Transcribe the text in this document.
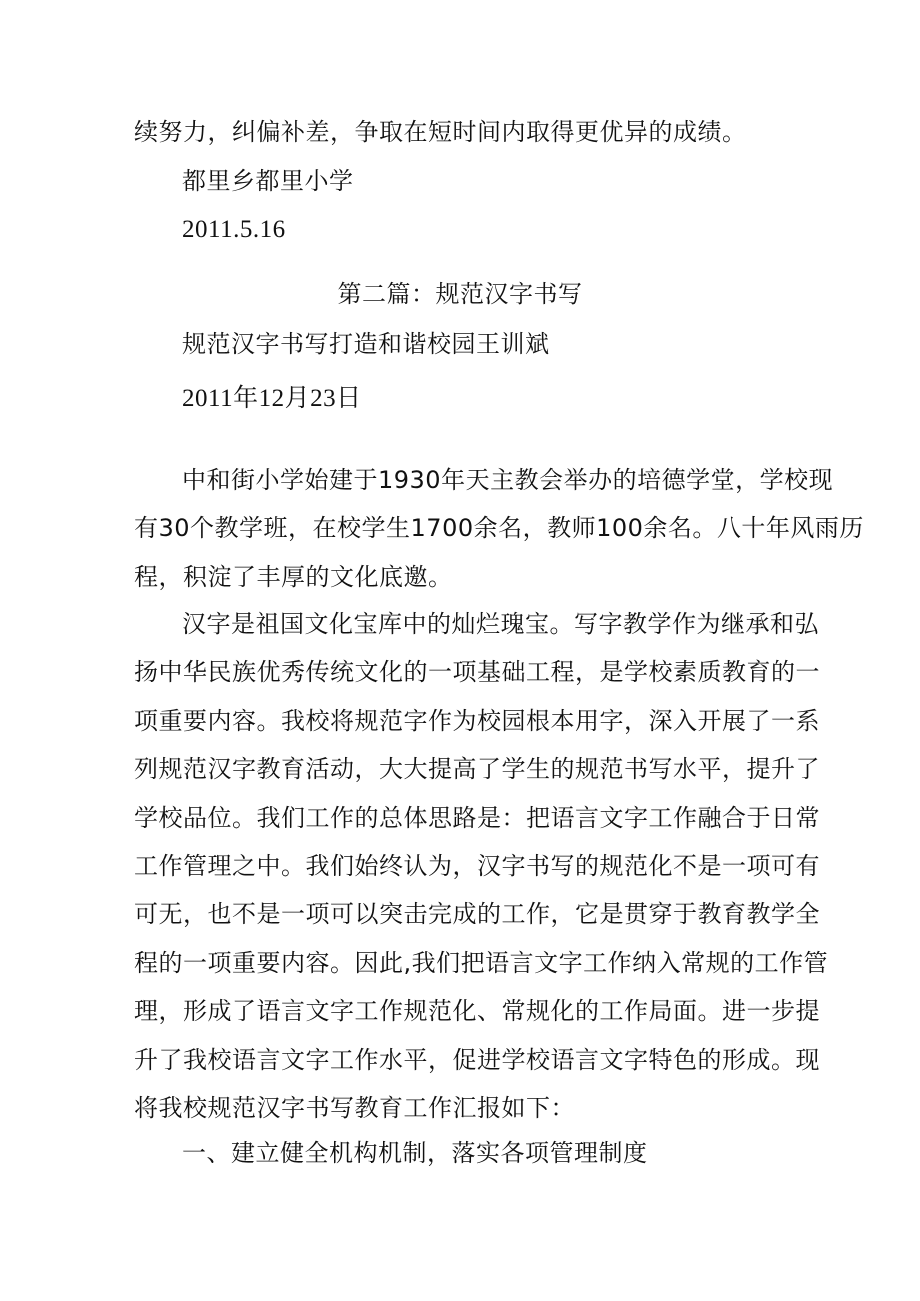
续努力，纠偏补差，争取在短时间内取得更优异的成绩。
都里乡都里小学
2011.5.16
第二篇：规范汉字书写
规范汉字书写打造和谐校园王训斌
2011年12月23日
中和街小学始建于1930年天主教会举办的培德学堂，学校现
有30个教学班，在校学生1700余名，教师100余名。八十年风雨历
程，积淀了丰厚的文化底邀。
汉字是祖国文化宝库中的灿烂瑰宝。写字教学作为继承和弘
扬中华民族优秀传统文化的一项基础工程，是学校素质教育的一
项重要内容。我校将规范字作为校园根本用字，深入开展了一系
列规范汉字教育活动，大大提高了学生的规范书写水平，提升了
学校品位。我们工作的总体思路是：把语言文字工作融合于日常
工作管理之中。我们始终认为，汉字书写的规范化不是一项可有
可无，也不是一项可以突击完成的工作，它是贯穿于教育教学全
程的一项重要内容。因此,我们把语言文字工作纳入常规的工作管
理，形成了语言文字工作规范化、常规化的工作局面。进一步提
升了我校语言文字工作水平，促进学校语言文字特色的形成。现
将我校规范汉字书写教育工作汇报如下：
一、建立健全机构机制，落实各项管理制度
